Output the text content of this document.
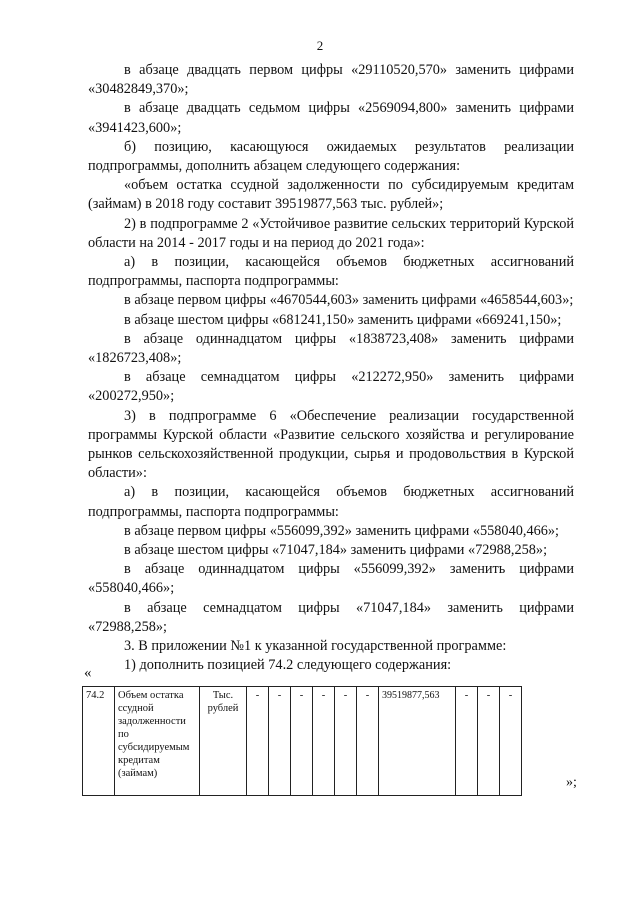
2

в абзаце двадцать первом цифры «29110520,570» заменить цифрами «30482849,370»;

в абзаце двадцать седьмом цифры «2569094,800» заменить цифрами «3941423,600»;

б) позицию, касающуюся ожидаемых результатов реализации подпрограммы, дополнить абзацем следующего содержания:

«объем остатка ссудной задолженности по субсидируемым кредитам (займам) в 2018 году составит 39519877,563 тыс. рублей»;

2) в подпрограмме 2 «Устойчивое развитие сельских территорий Курской области на 2014 - 2017 годы и на период до 2021 года»:

а) в позиции, касающейся объемов бюджетных ассигнований подпрограммы, паспорта подпрограммы:

в абзаце первом цифры «4670544,603» заменить цифрами «4658544,603»;

в абзаце шестом цифры «681241,150» заменить цифрами «669241,150»;

в абзаце одиннадцатом цифры «1838723,408» заменить цифрами «1826723,408»;

в абзаце семнадцатом цифры «212272,950» заменить цифрами «200272,950»;

3) в подпрограмме 6 «Обеспечение реализации государственной программы Курской области «Развитие сельского хозяйства и регулирование рынков сельскохозяйственной продукции, сырья и продовольствия в Курской области»:

а) в позиции, касающейся объемов бюджетных ассигнований подпрограммы, паспорта подпрограммы:

в абзаце первом цифры «556099,392» заменить цифрами «558040,466»;

в абзаце шестом цифры «71047,184» заменить цифрами «72988,258»;

в абзаце одиннадцатом цифры «556099,392» заменить цифрами «558040,466»;

в абзаце семнадцатом цифры «71047,184» заменить цифрами «72988,258»;

3. В приложении №1 к указанной государственной программе:

1) дополнить позицией 74.2 следующего содержания:

«
74.2	Объем остатка ссудной задолженности по субсидируемым кредитам (займам)	Тыс. рублей	-	-	-	-	-	-	39519877,563	-	-	-
»;
